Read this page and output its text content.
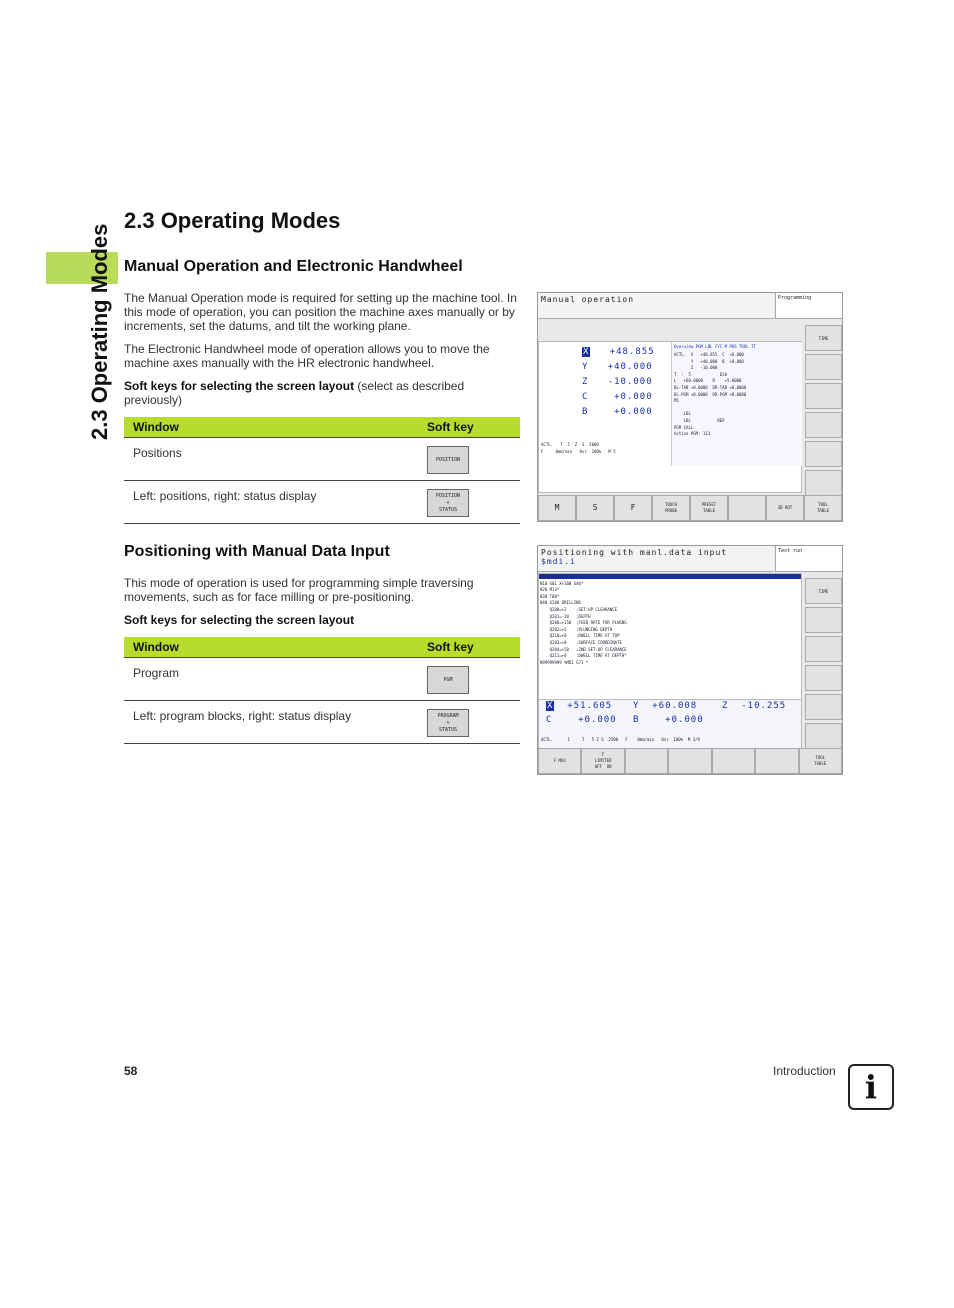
2.3 Operating Modes
2.3 Operating Modes
Manual Operation and Electronic Handwheel

The Manual Operation mode is required for setting up the machine tool. In this mode of operation, you can position the machine axes manually or by increments, set the datums, and tilt the working plane.

The Electronic Handwheel mode of operation allows you to move the machine axes manually with the HR electronic handwheel.

Soft keys for selecting the screen layout (select as described previously)

Window	Soft key
Positions	POSITION
Left: positions, right: status display	POSITION
+
STATUS
Manual operation	Programming
Overview PGM LBL CYC M POS TOOL TT
ACTL.  X   +48.855  C  +0.000
Y   +40.000  B  +0.000
Z   -10.000
T  :  5            D10
L   +60.0000    R    +5.0000
DL-TAB +0.0000  DR-TAB +0.0000
DL-PGM +0.0000  DR-PGM +0.0000
M5

LBL
LBL           REP
PGM CALL
Active PGM: 113
ACTL.   T  5  Z  S  2000
F     0mm/min   Ovr  100%   M 5
X +48.855
Y +40.000
Z -10.000
C	+0.000
B	+0.000
TIME
M	S	F	TOUCH
PROBE
PRESET
TABLE
3D ROT
TOOL
TABLE
Positioning with Manual Data Input

This mode of operation is used for programming simple traversing movements, such as for face milling or pre-positioning.

Soft keys for selecting the screen layout

Window	Soft key
Program	PGM
Left: program blocks, right: status display	PROGRAM
+
STATUS
Positioning with manl.data input
$mdi.i
Test run
%MDI G71 *
N10 G01 X+100 G40*
N20 M13*
N30 T00*
N40 G200 DRILLING
Q200=+2    ;SET-UP CLEARANCE
Q201=-20   ;DEPTH
Q206=+150  ;FEED RATE FOR PLNGNG
Q202=+5    ;PLUNGING DEPTH
Q210=+0    ;DWELL TIME AT TOP
Q203=+0    ;SURFACE COORDINATE
Q204=+50   ;2ND SET-UP CLEARANCE
Q211=+0    ;DWELL TIME AT DEPTH*
N99999999 %MDI G71 *
X +51.605 Y +60.008	Z -10.255
C	+0.000 B	+0.000
ACTL.      1     T   5 Z S  2500   F    0mm/min   Ovr  100%  M 3/9
TIME
F MAX
F
LIMITED
OFF  ON
TOOL
TABLE

58	Introduction i
